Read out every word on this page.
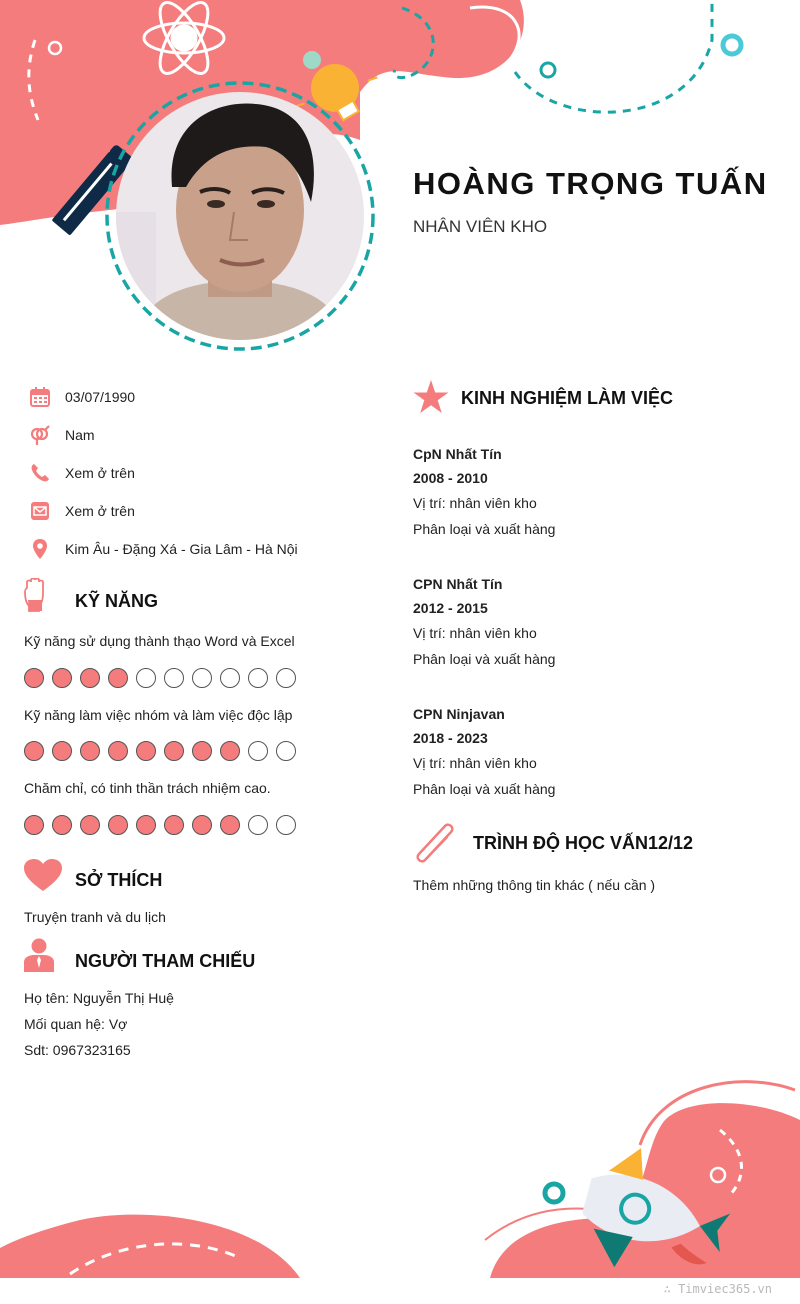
HOÀNG TRỌNG TUẤN
NHÂN VIÊN KHO
03/07/1990
Nam
Xem ở trên
Xem ở trên
Kim Âu - Đặng Xá - Gia Lâm - Hà Nội
KỸ NĂNG
Kỹ năng sử dụng thành thạo Word và Excel
Kỹ năng làm việc nhóm và làm việc độc lập
Chăm chỉ, có tinh thần trách nhiệm cao.
SỞ THÍCH
Truyện tranh và du lịch
NGƯỜI THAM CHIẾU
Họ tên: Nguyễn Thị Huệ
Mối quan hệ: Vợ
Sdt: 0967323165
KINH NGHIỆM LÀM VIỆC
CpN Nhất Tín
2008 - 2010
Vị trí: nhân viên kho
Phân loại và xuất hàng
CPN Nhất Tín
2012 - 2015
Vị trí: nhân viên kho
Phân loại và xuất hàng
CPN Ninjavan
2018 - 2023
Vị trí: nhân viên kho
Phân loại và xuất hàng
TRÌNH ĐỘ HỌC VẤN12/12
Thêm những thông tin khác ( nếu cần )
∴ Timviec365.vn
